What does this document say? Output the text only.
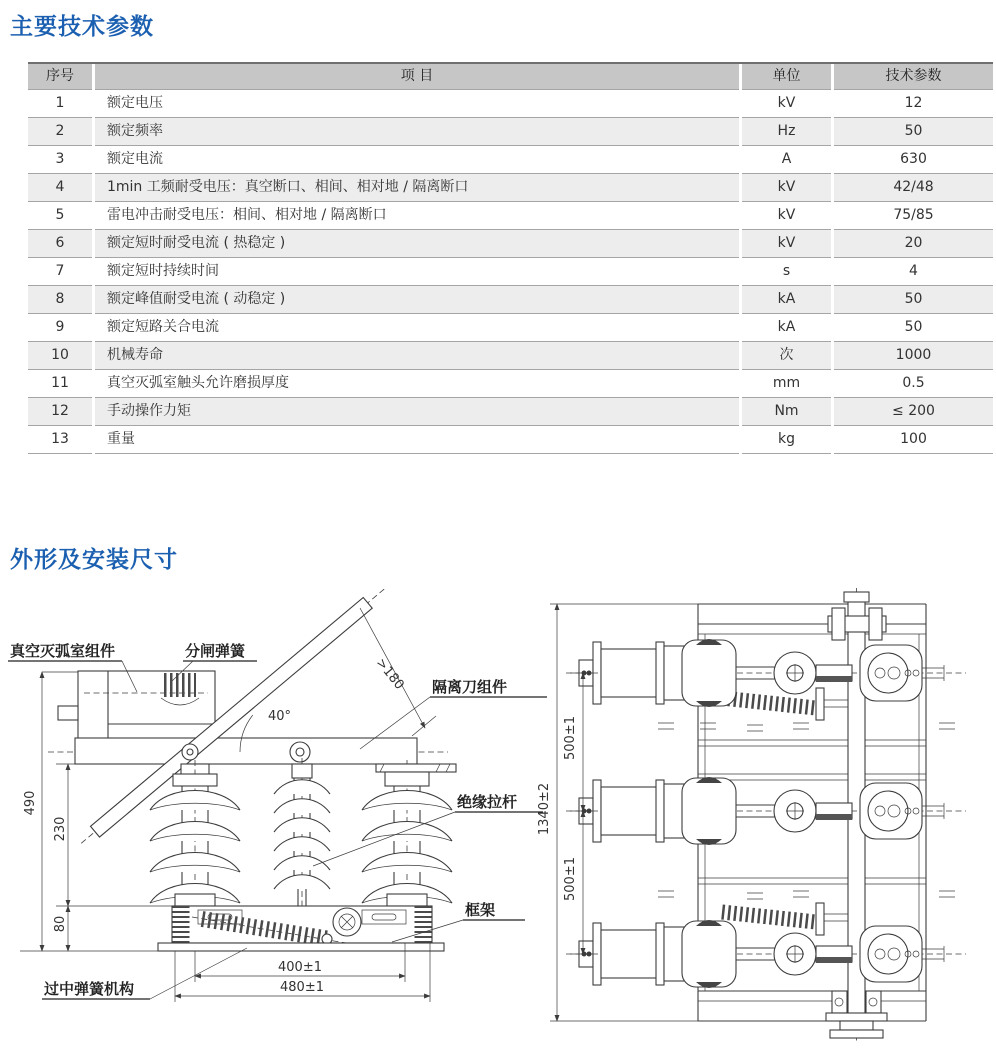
主要技术参数
序号	项 目	单位	技术参数
1	额定电压	kV	12
2	额定频率	Hz	50
3	额定电流	A	630
4	1min 工频耐受电压：真空断口、相间、相对地 / 隔离断口	kV	42/48
5	雷电冲击耐受电压：相间、相对地 / 隔离断口	kV	75/85
6	额定短时耐受电流 ( 热稳定 )	kV	20
7	额定短时持续时间	s	4
8	额定峰值耐受电流 ( 动稳定 )	kA	50
9	额定短路关合电流	kA	50
10	机械寿命	次	1000
11	真空灭弧室触头允许磨损厚度	mm	0.5
12	手动操作力矩	Nm	≤ 200
13	重量	kg	100
外形及安装尺寸
真空灭弧室组件	分闸弹簧
隔离刀组件
绝缘拉杆
框架
过中弹簧机构
40°
>180
490
230
80
400±1
480±1
1340±2
500±1
500±1
